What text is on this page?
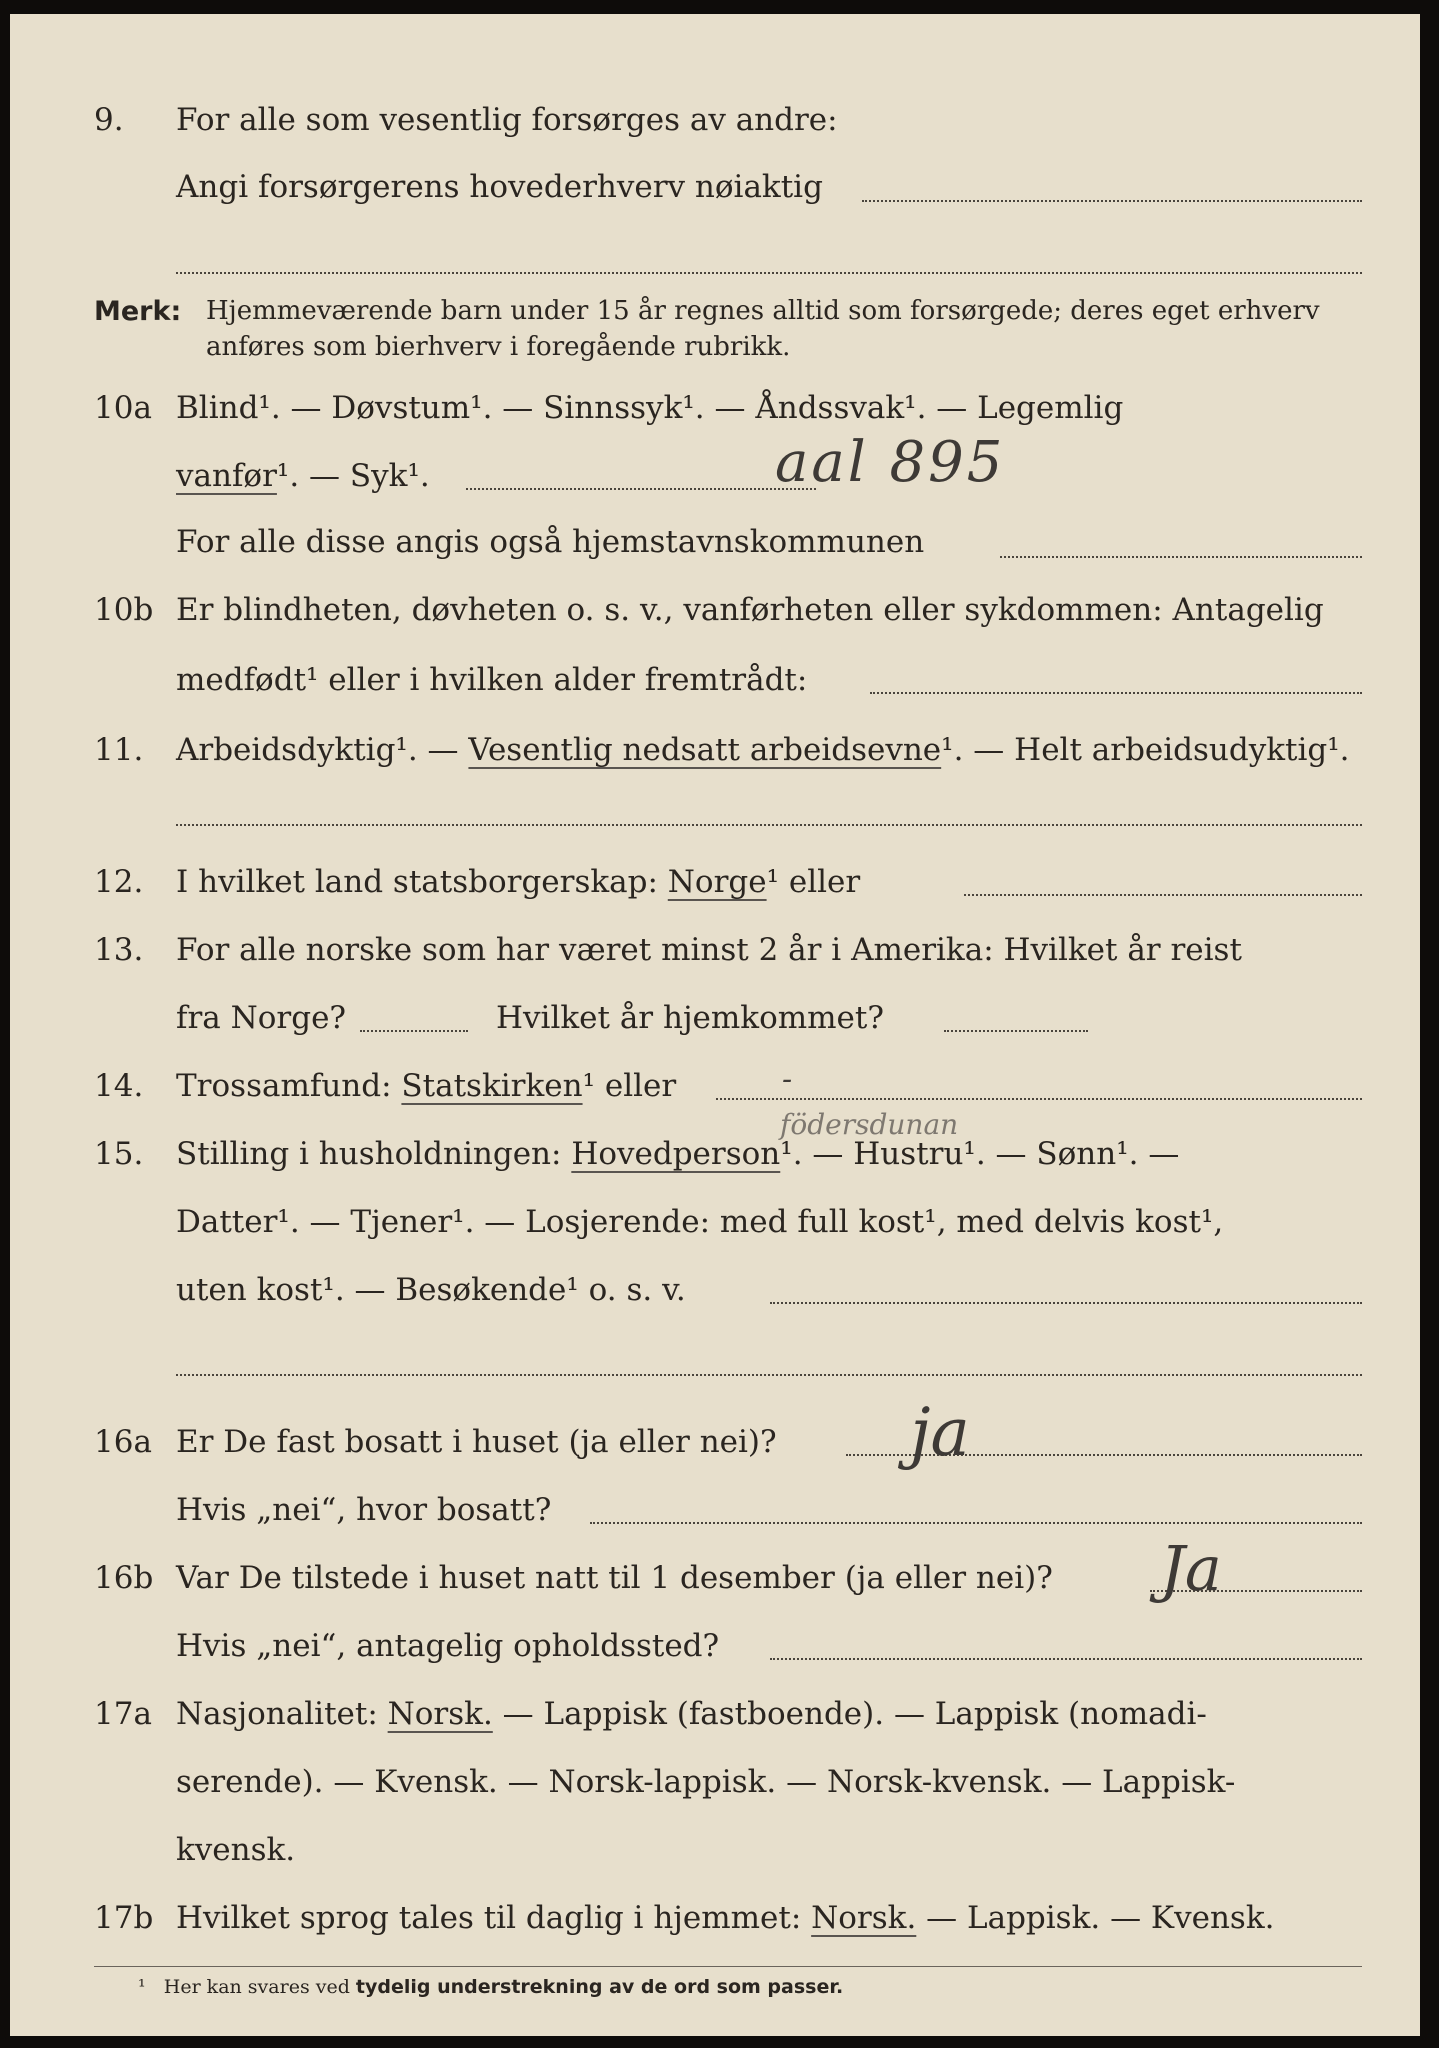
9. For alle som vesentlig forsørges av andre:
Angi forsørgerens hovederhverv nøiaktig
Merk: Hjemmeværende barn under 15 år regnes alltid som forsørgede; deres eget erhverv
anføres som bierhverv i foregående rubrikk.
10a Blind¹. — Døvstum¹. — Sinnssyk¹. — Åndssvak¹. — Legemlig
vanfør¹. — Syk¹.	aal 895
For alle disse angis også hjemstavnskommunen
10b Er blindheten, døvheten o. s. v., vanførheten eller sykdommen: Antagelig
medfødt¹ eller i hvilken alder fremtrådt:
11. Arbeidsdyktig¹. — Vesentlig nedsatt arbeidsevne¹. — Helt arbeidsudyktig¹.
12. I hvilket land statsborgerskap: Norge¹ eller
13. For alle norske som har været minst 2 år i Amerika: Hvilket år reist
fra Norge?	Hvilket år hjemkommet?
14. Trossamfund: Statskirken¹ eller	-
födersdunan
15. Stilling i husholdningen: Hovedperson¹. — Hustru¹. — Sønn¹. —
Datter¹. — Tjener¹. — Losjerende: med full kost¹, med delvis kost¹,
uten kost¹. — Besøkende¹ o. s. v.
16a Er De fast bosatt i huset (ja eller nei)? ja
Hvis „nei“, hvor bosatt?
16b Var De tilstede i huset natt til 1 desember (ja eller nei)? Ja
Hvis „nei“, antagelig opholdssted?
17a Nasjonalitet: Norsk. — Lappisk (fastboende). — Lappisk (nomadi-
serende). — Kvensk. — Norsk-lappisk. — Norsk-kvensk. — Lappisk-
kvensk.
17b Hvilket sprog tales til daglig i hjemmet: Norsk. — Lappisk. — Kvensk.
¹ Her kan svares ved tydelig understrekning av de ord som passer.
